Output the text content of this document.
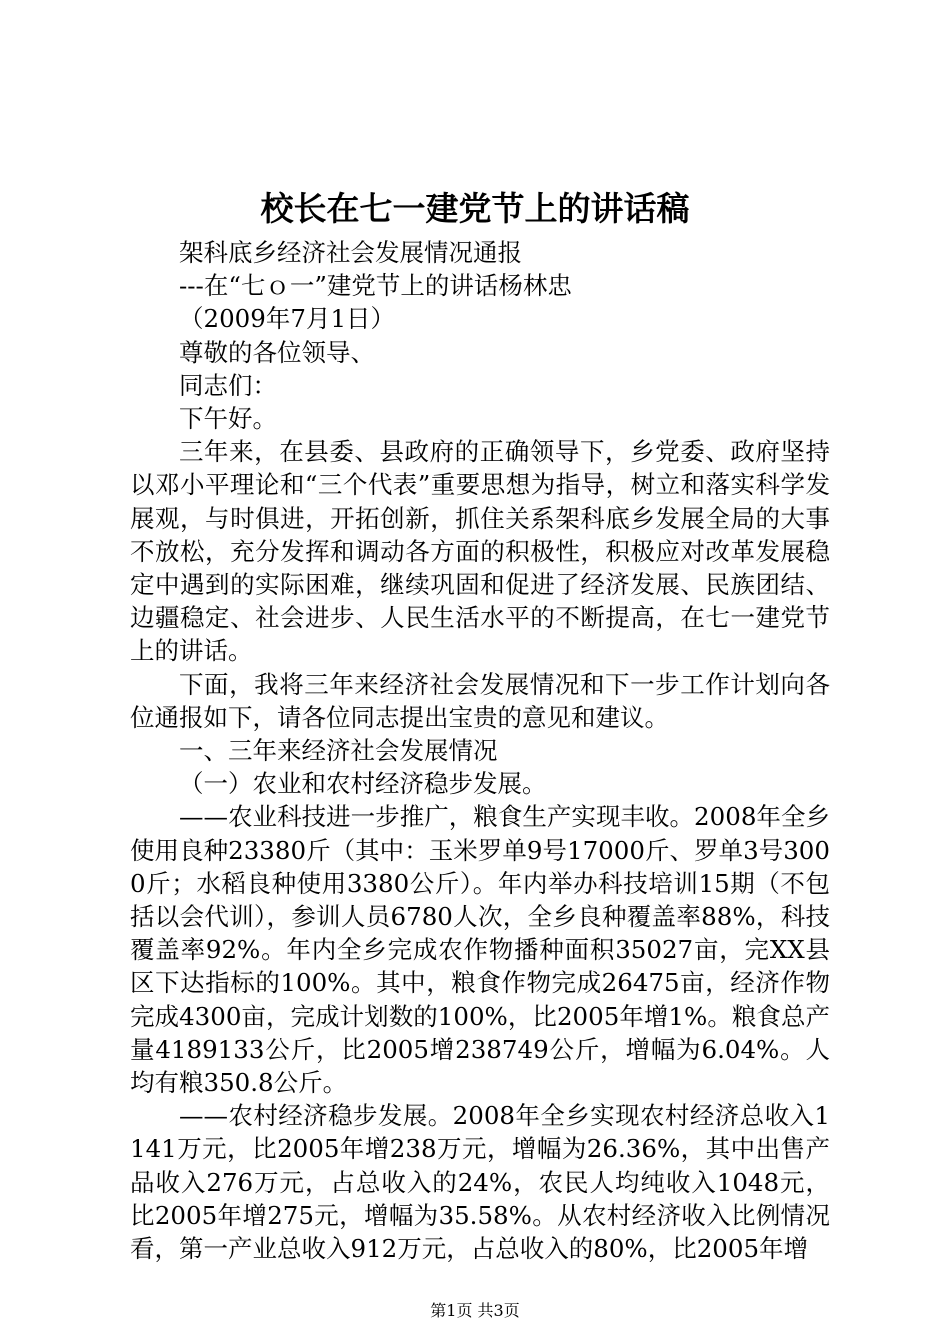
校长在七一建党节上的讲话稿

架科底乡经济社会发展情况通报

---在“七ｏ一”建党节上的讲话杨林忠

（2009年7月1日）

尊敬的各位领导、

同志们：

下午好。

三年来，在县委、县政府的正确领导下，乡党委、政府坚持以邓小平理论和“三个代表”重要思想为指导，树立和落实科学发展观，与时俱进，开拓创新，抓住关系架科底乡发展全局的大事不放松，充分发挥和调动各方面的积极性，积极应对改革发展稳定中遇到的实际困难，继续巩固和促进了经济发展、民族团结、边疆稳定、社会进步、人民生活水平的不断提高，在七一建党节上的讲话。

下面，我将三年来经济社会发展情况和下一步工作计划向各位通报如下，请各位同志提出宝贵的意见和建议。

一、三年来经济社会发展情况

（一）农业和农村经济稳步发展。

——农业科技进一步推广，粮食生产实现丰收。2008年全乡使用良种23380斤（其中：玉米罗单9号17000斤、罗单3号3000斤；水稻良种使用3380公斤）。年内举办科技培训15期（不包括以会代训），参训人员6780人次，全乡良种覆盖率88%，科技覆盖率92%。年内全乡完成农作物播种面积35027亩，完XX县区下达指标的100%。其中，粮食作物完成26475亩，经济作物完成4300亩，完成计划数的100%，比2005年增1%。粮食总产量4189133公斤，比2005增238749公斤，增幅为6.04%。人均有粮350.8公斤。

——农村经济稳步发展。2008年全乡实现农村经济总收入1141万元，比2005年增238万元，增幅为26.36%，其中出售产品收入276万元，占总收入的24%，农民人均纯收入1048元，比2005年增275元，增幅为35.58%。从农村经济收入比例情况看，第一产业总收入912万元，占总收入的80%，比2005年增

第1页 共3页
